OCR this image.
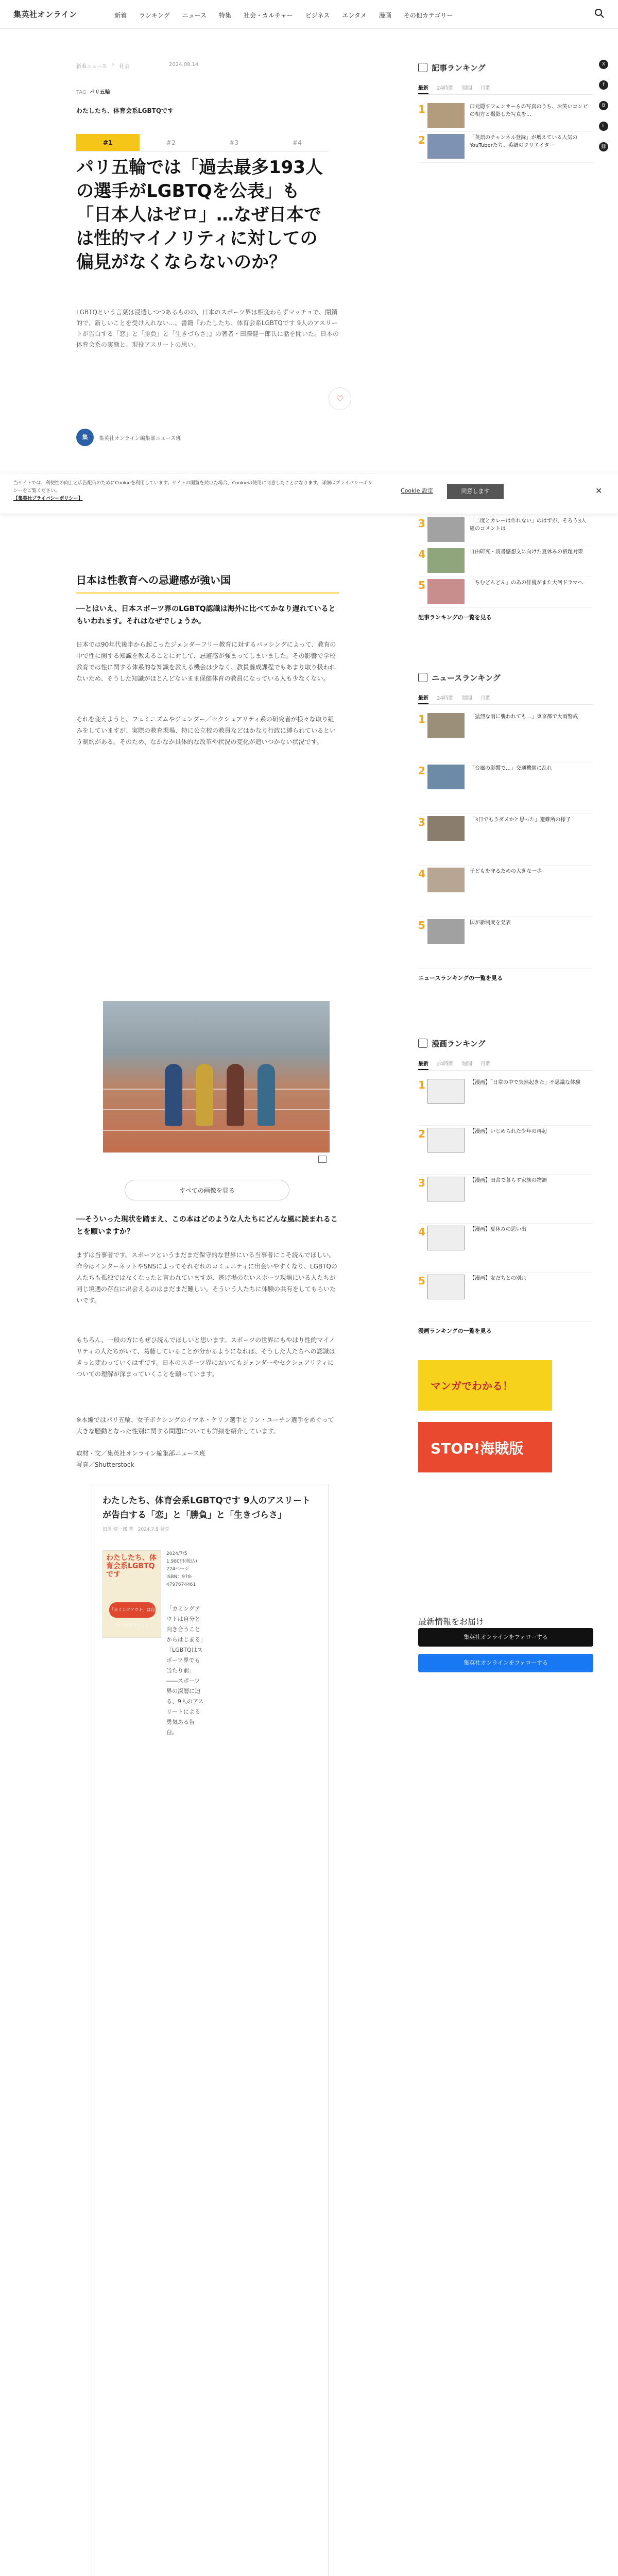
集英社オンライン	新着 ランキング ニュース 特集 社会・カルチャー ビジネス エンタメ 漫画 その他カテゴリー
X
f
B
L
⛓
新着ニュース › 社会	2024.08.14
TAG パリ五輪
わたしたち、体育会系LGBTQです
#1	#2	#3	#4
パリ五輪では「過去最多193人の選手がLGBTQを公表」も「日本人はゼロ」…なぜ日本では性的マイノリティに対しての偏見がなくならないのか？

LGBTQという言葉は浸透しつつあるものの、日本のスポーツ界は相変わらずマッチョで、閉鎖的で、新しいことを受け入れない…。書籍『わたしたち、体育会系LGBTQです 9人のアスリートが告白する「恋」と「勝負」と「生きづらさ」』の著者・田澤健一郎氏に話を聞いた。日本の体育会系の実態と、現役アスリートの思い。

♡
集	集英社オンライン編集部ニュース班
日本は性教育への忌避感が強い国

──とはいえ、日本スポーツ界のLGBTQ認識は海外に比べてかなり遅れているともいわれます。それはなぜでしょうか。

日本では90年代後半から起こったジェンダーフリー教育に対するバッシングによって、教育の中で性に関する知識を教えることに対して、忌避感が強まってしまいました。その影響で学校教育では性に関する体系的な知識を教える機会は少なく、教員養成課程でもあまり取り扱われないため、そうした知識がほとんどないまま保健体育の教員になっている人も少なくない。

それを変えようと、フェミニズムやジェンダー／セクシュアリティ系の研究者が様々な取り組みをしていますが、実際の教育現場、特に公立校の教員などはかなり行政に縛られているという制約がある。そのため、なかなか具体的な改革や状況の変化が追いつかない状況です。

すべての画像を見る

──そういった現状を踏まえ、この本はどのような人たちにどんな風に読まれることを願いますか？

まずは当事者です。スポーツというまだまだ保守的な世界にいる当事者にこそ読んでほしい。昨今はインターネットやSNSによってそれぞれのコミュニティに出会いやすくなり、LGBTQの人たちも孤独ではなくなったと言われていますが、逃げ場のないスポーツ現場にいる人たちが同じ境遇の存在に出会えるのはまだまだ難しい。そういう人たちに体験の共有をしてもらいたいです。

もちろん、一般の方にもぜひ読んでほしいと思います。スポーツの世界にもやはり性的マイノリティの人たちがいて、葛藤していることが分かるようになれば、そうした人たちへの認識はきっと変わっていくはずです。日本のスポーツ界においてもジェンダーやセクシュアリティについての理解が深まっていくことを願っています。

※本編ではパリ五輪、女子ボクシングのイマネ・ケリフ選手とリン・ユーチン選手をめぐって大きな騒動となった性別に関する問題についても詳細を紹介しています。

取材・文／集英社オンライン編集部ニュース班

写真／Shutterstock

わたしたち、体育会系LGBTQです 9人のアスリートが告白する「恋」と「勝負」と「生きづらさ」
田澤 健一郎 著　2024.7.5 発売
わたしたち、体育会系LGBTQです
「カミングアウト」は自分と向き合うこと
2024/7/5
1,980円(税込)
224ページ
ISBN：978-
4797674461
「カミングアウトは自分と向き合うことからはじまる」「LGBTQはスポーツ界でも当たり前」――スポーツ界の深層に迫る、9人のアスリートによる勇気ある告白。
記事ランキング
最新 24時間 週間 月間
1	口元隠すフェンサーらの写真のうち、お笑いコンビの相方と撮影した写真を...
2	「英語のチャンネル登録」が増えている人気のYouTuberたち、英語のクリエイター

当サイトでは、利便性の向上と広告配信のためにCookieを利用しています。サイトの閲覧を続けた場合、Cookieの使用に同意したことになります。詳細はプライバシーポリシーをご覧ください。
【集英社プライバシーポリシー】

Cookie 設定	同意します	✕
3	「二度とカレーは作れない」のはずが、そろう3人組のコメントは
4	自由研究・読書感想文に向けた夏休みの宿題対策
5	「ちむどんどん」のあの俳優がまた大河ドラマへ
記事ランキングの一覧を見る
ニュースランキング
最新 24時間 週間 月間
1	「猛烈な雨に襲われても…」東京都で大雨警戒
2	「台風の影響で…」交通機関に乱れ
3	「3日でもうダメかと思った」避難所の様子
4	子どもを守るための大きな一歩
5	国が新制度を発表
ニュースランキングの一覧を見る
漫画ランキング
最新 24時間 週間 月間
1	【漫画】「日常の中で突然起きた」不思議な体験
2	【漫画】いじめられた少年の再起
3	【漫画】田舎で暮らす家族の物語
4	【漫画】夏休みの思い出
5	【漫画】友だちとの別れ
漫画ランキングの一覧を見る
マンガでわかる！
STOP!海賊版
最新情報をお届け
集英社オンラインをフォローする
集英社オンラインをフォローする
